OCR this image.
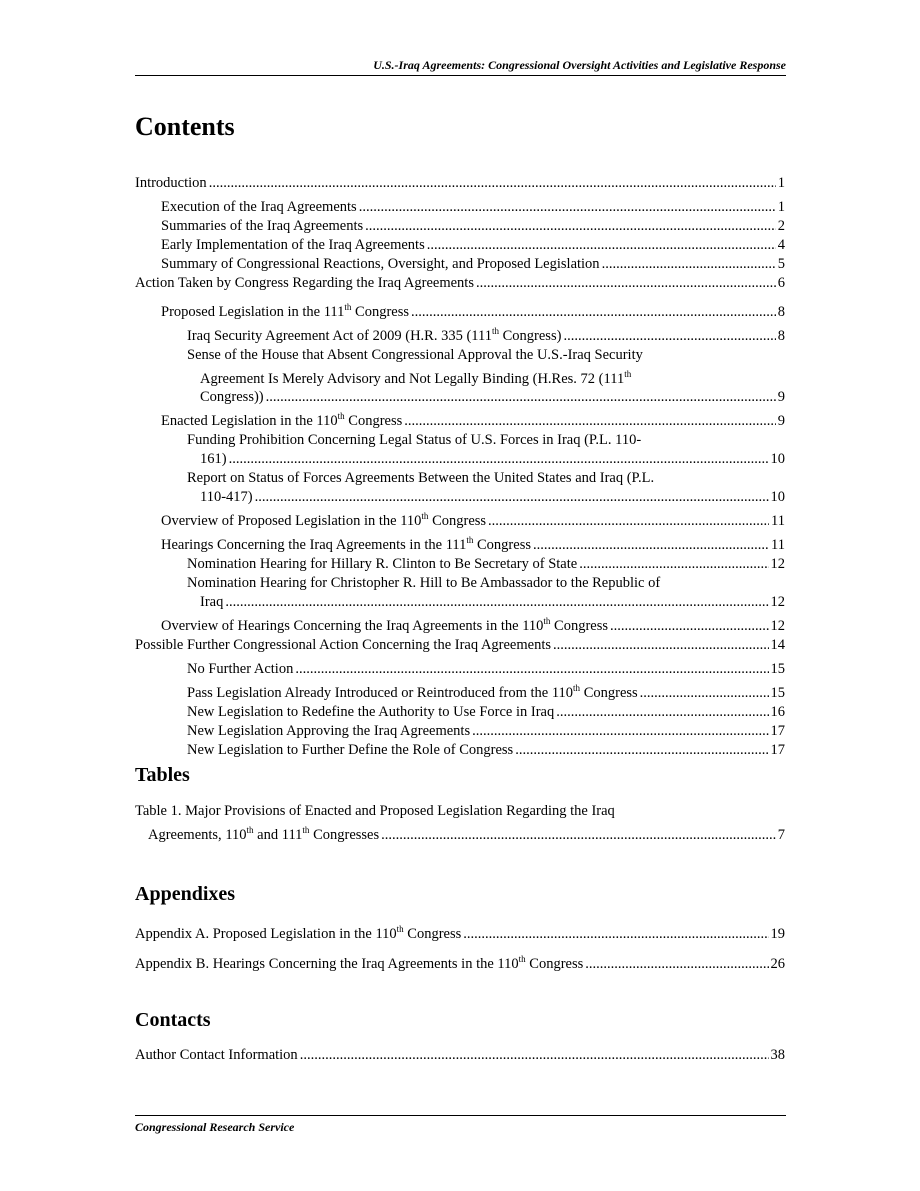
U.S.-Iraq Agreements: Congressional Oversight Activities and Legislative Response
Contents
Introduction .....	1
Execution of the Iraq Agreements .....	1
Summaries of the Iraq Agreements .....	2
Early Implementation of the Iraq Agreements .....	4
Summary of Congressional Reactions, Oversight, and Proposed Legislation .....	5
Action Taken by Congress Regarding the Iraq Agreements .....	6
Proposed Legislation in the 111th Congress .....	8
Iraq Security Agreement Act of 2009 (H.R. 335 (111th Congress) .....	8
Sense of the House that Absent Congressional Approval the U.S.-Iraq Security
Agreement Is Merely Advisory and Not Legally Binding (H.Res. 72 (111th
Congress)) .....	9
Enacted Legislation in the 110th Congress .....	9
Funding Prohibition Concerning Legal Status of U.S. Forces in Iraq (P.L. 110-
161) .....	10
Report on Status of Forces Agreements Between the United States and Iraq (P.L.
110-417) .....	10
Overview of Proposed Legislation in the 110th Congress .....	11
Hearings Concerning the Iraq Agreements in the 111th Congress .....	11
Nomination Hearing for Hillary R. Clinton to Be Secretary of State .....	12
Nomination Hearing for Christopher R. Hill to Be Ambassador to the Republic of
Iraq .....	12
Overview of Hearings Concerning the Iraq Agreements in the 110th Congress .....	12
Possible Further Congressional Action Concerning the Iraq Agreements .....	14
No Further Action .....	15
Pass Legislation Already Introduced or Reintroduced from the 110th Congress .....	15
New Legislation to Redefine the Authority to Use Force in Iraq .....	16
New Legislation Approving the Iraq Agreements .....	17
New Legislation to Further Define the Role of Congress .....	17
Tables
Table 1. Major Provisions of Enacted and Proposed Legislation Regarding the Iraq
Agreements, 110th and 111th Congresses .....	7
Appendixes
Appendix A. Proposed Legislation in the 110th Congress .....	19
Appendix B. Hearings Concerning the Iraq Agreements in the 110th Congress .....	26
Contacts
Author Contact Information .....	38
Congressional Research Service
